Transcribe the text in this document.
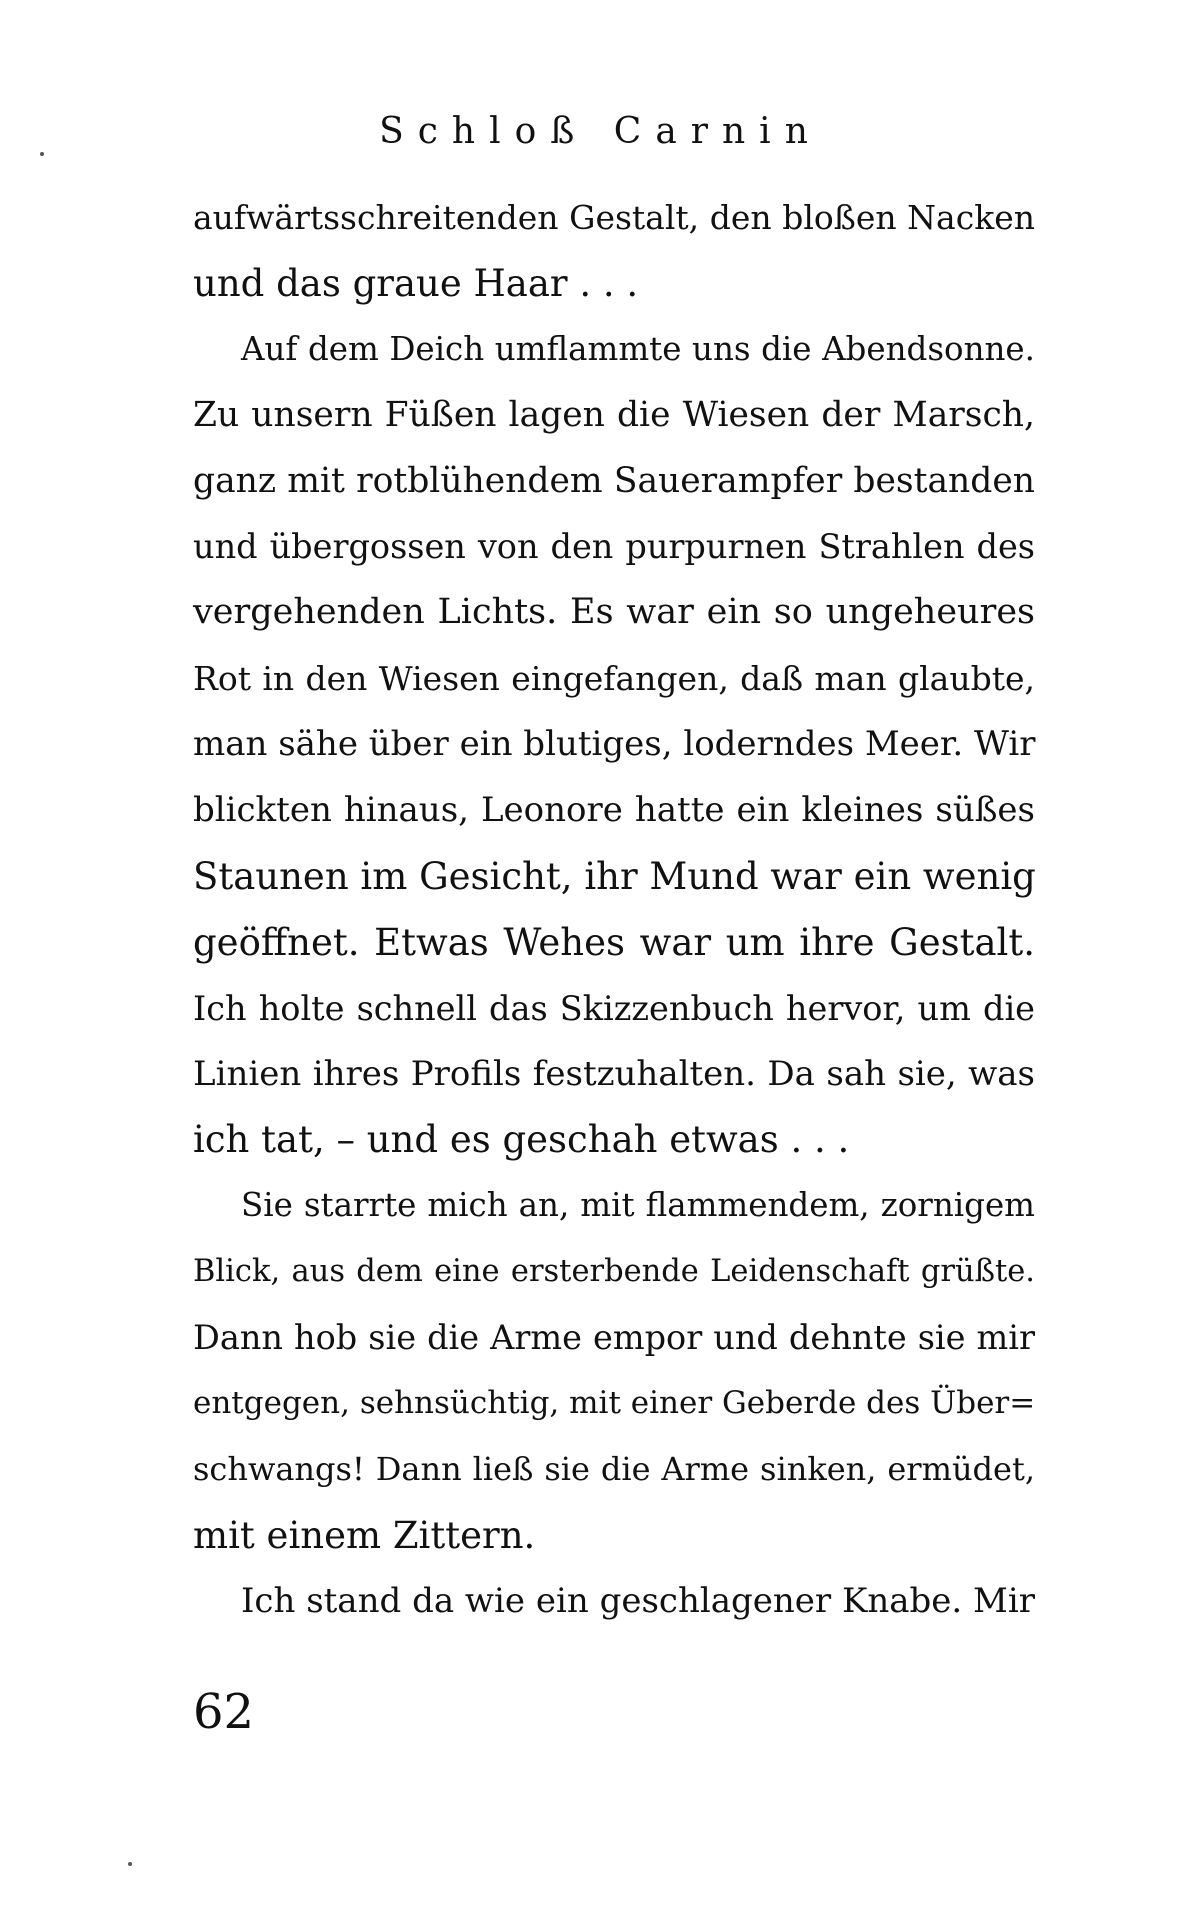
Schloß Carnin
aufwärtsschreitenden Gestalt, den bloßen Nacken
und das graue Haar . . .
Auf dem Deich umflammte uns die Abendsonne.
Zu unsern Füßen lagen die Wiesen der Marsch,
ganz mit rotblühendem Sauerampfer bestanden
und übergossen von den purpurnen Strahlen des
vergehenden Lichts. Es war ein so ungeheures
Rot in den Wiesen eingefangen, daß man glaubte,
man sähe über ein blutiges, loderndes Meer. Wir
blickten hinaus, Leonore hatte ein kleines süßes
Staunen im Gesicht, ihr Mund war ein wenig
geöffnet. Etwas Wehes war um ihre Gestalt.
Ich holte schnell das Skizzenbuch hervor, um die
Linien ihres Profils festzuhalten. Da sah sie, was
ich tat, – und es geschah etwas . . .
Sie starrte mich an, mit flammendem, zornigem
Blick, aus dem eine ersterbende Leidenschaft grüßte.
Dann hob sie die Arme empor und dehnte sie mir
entgegen, sehnsüchtig, mit einer Geberde des Über=
schwangs! Dann ließ sie die Arme sinken, ermüdet,
mit einem Zittern.
Ich stand da wie ein geschlagener Knabe. Mir
62
